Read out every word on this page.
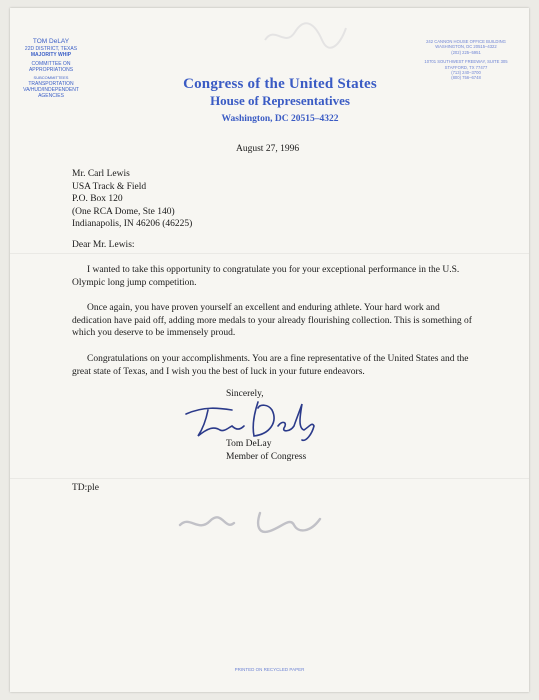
TOM DeLAY
22D DISTRICT, TEXAS
MAJORITY WHIP
COMMITTEE ON
APPROPRIATIONS
SUBCOMMITTEES
TRANSPORTATION
VA/HUD/INDEPENDENT
AGENCIES
Congress of the United States
House of Representatives
Washington, DC 20515–4322
242 CANNON HOUSE OFFICE BUILDING
WASHINGTON, DC 20515–4322
(202) 225–5951
10701 SOUTHWEST FREEWAY, SUITE 305
STAFFORD, TX 77477
(713) 240–3700
(800) 756–6748
August 27, 1996
Mr. Carl Lewis
USA Track & Field
P.O. Box 120
(One RCA Dome, Ste 140)
Indianapolis, IN 46206 (46225)
Dear Mr. Lewis:

I wanted to take this opportunity to congratulate you for your exceptional performance in the U.S. Olympic long jump competition.

Once again, you have proven yourself an excellent and enduring athlete. Your hard work and dedication have paid off, adding more medals to your already flourishing collection. This is something of which you deserve to be immensely proud.

Congratulations on your accomplishments. You are a fine representative of the United States and the great state of Texas, and I wish you the best of luck in your future endeavors.

Sincerely,
Tom DeLay
Member of Congress
TD:ple
PRINTED ON RECYCLED PAPER
